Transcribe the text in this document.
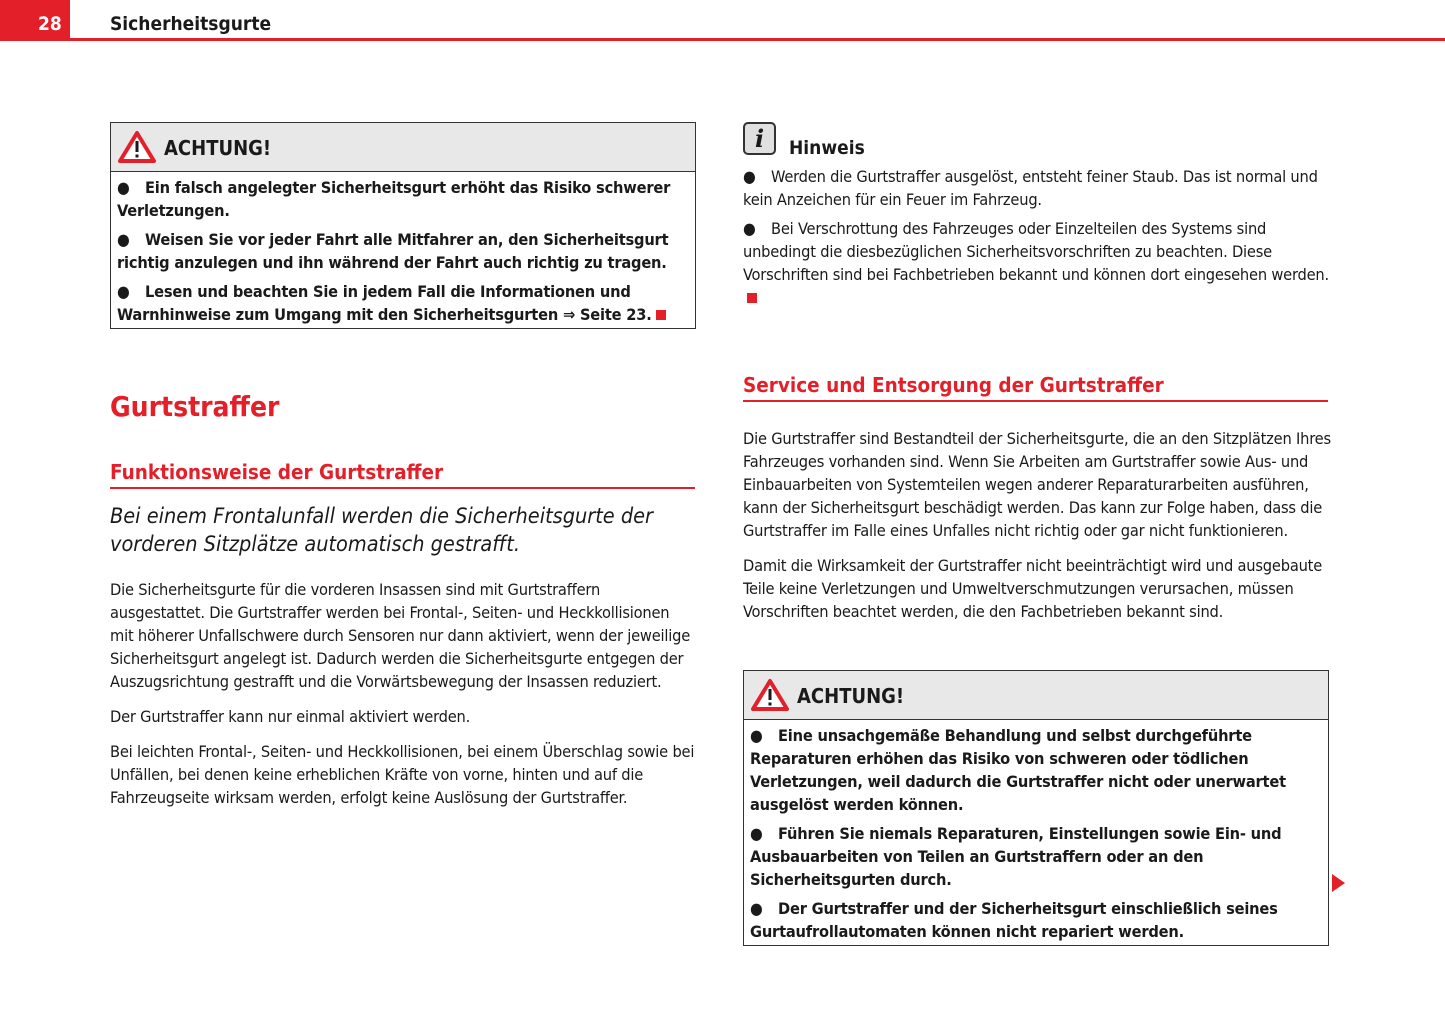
28	Sicherheitsgurte
ACHTUNG!

● Ein falsch angelegter Sicherheitsgurt erhöht das Risiko schwerer Verletzungen.

● Weisen Sie vor jeder Fahrt alle Mitfahrer an, den Sicherheitsgurt richtig anzulegen und ihn während der Fahrt auch richtig zu tragen.

● Lesen und beachten Sie in jedem Fall die Informationen und Warnhinweise zum Umgang mit den Sicherheitsgurten ⇒ Seite 23.

Gurtstraffer
Funktionsweise der Gurtstraffer
Bei einem Frontalunfall werden die Sicherheitsgurte der vorderen Sitzplätze automatisch gestrafft.

Die Sicherheitsgurte für die vorderen Insassen sind mit Gurtstraffern ausgestattet. Die Gurtstraffer werden bei Frontal-, Seiten- und Heckkollisionen mit höherer Unfallschwere durch Sensoren nur dann aktiviert, wenn der jeweilige Sicherheitsgurt angelegt ist. Dadurch werden die Sicherheitsgurte entgegen der Auszugsrichtung gestrafft und die Vorwärtsbewegung der Insassen reduziert.

Der Gurtstraffer kann nur einmal aktiviert werden.

Bei leichten Frontal-, Seiten- und Heckkollisionen, bei einem Überschlag sowie bei Unfällen, bei denen keine erheblichen Kräfte von vorne, hinten und auf die Fahrzeugseite wirksam werden, erfolgt keine Auslösung der Gurtstraffer.

i	Hinweis

● Werden die Gurtstraffer ausgelöst, entsteht feiner Staub. Das ist normal und kein Anzeichen für ein Feuer im Fahrzeug.

● Bei Verschrottung des Fahrzeuges oder Einzelteilen des Systems sind unbedingt die diesbezüglichen Sicherheitsvorschriften zu beachten. Diese Vorschriften sind bei Fachbetrieben bekannt und können dort eingesehen werden.

Service und Entsorgung der Gurtstraffer

Die Gurtstraffer sind Bestandteil der Sicherheitsgurte, die an den Sitzplätzen Ihres Fahrzeuges vorhanden sind. Wenn Sie Arbeiten am Gurtstraffer sowie Aus- und Einbauarbeiten von Systemteilen wegen anderer Reparaturarbeiten ausführen, kann der Sicherheitsgurt beschädigt werden. Das kann zur Folge haben, dass die Gurtstraffer im Falle eines Unfalles nicht richtig oder gar nicht funktionieren.

Damit die Wirksamkeit der Gurtstraffer nicht beeinträchtigt wird und ausgebaute Teile keine Verletzungen und Umweltverschmutzungen verursachen, müssen Vorschriften beachtet werden, die den Fachbetrieben bekannt sind.

ACHTUNG!

● Eine unsachgemäße Behandlung und selbst durchgeführte Reparaturen erhöhen das Risiko von schweren oder tödlichen Verletzungen, weil dadurch die Gurtstraffer nicht oder unerwartet ausgelöst werden können.

● Führen Sie niemals Reparaturen, Einstellungen sowie Ein- und Ausbauarbeiten von Teilen an Gurtstraffern oder an den Sicherheitsgurten durch.

● Der Gurtstraffer und der Sicherheitsgurt einschließlich seines Gurtaufrollautomaten können nicht repariert werden.
